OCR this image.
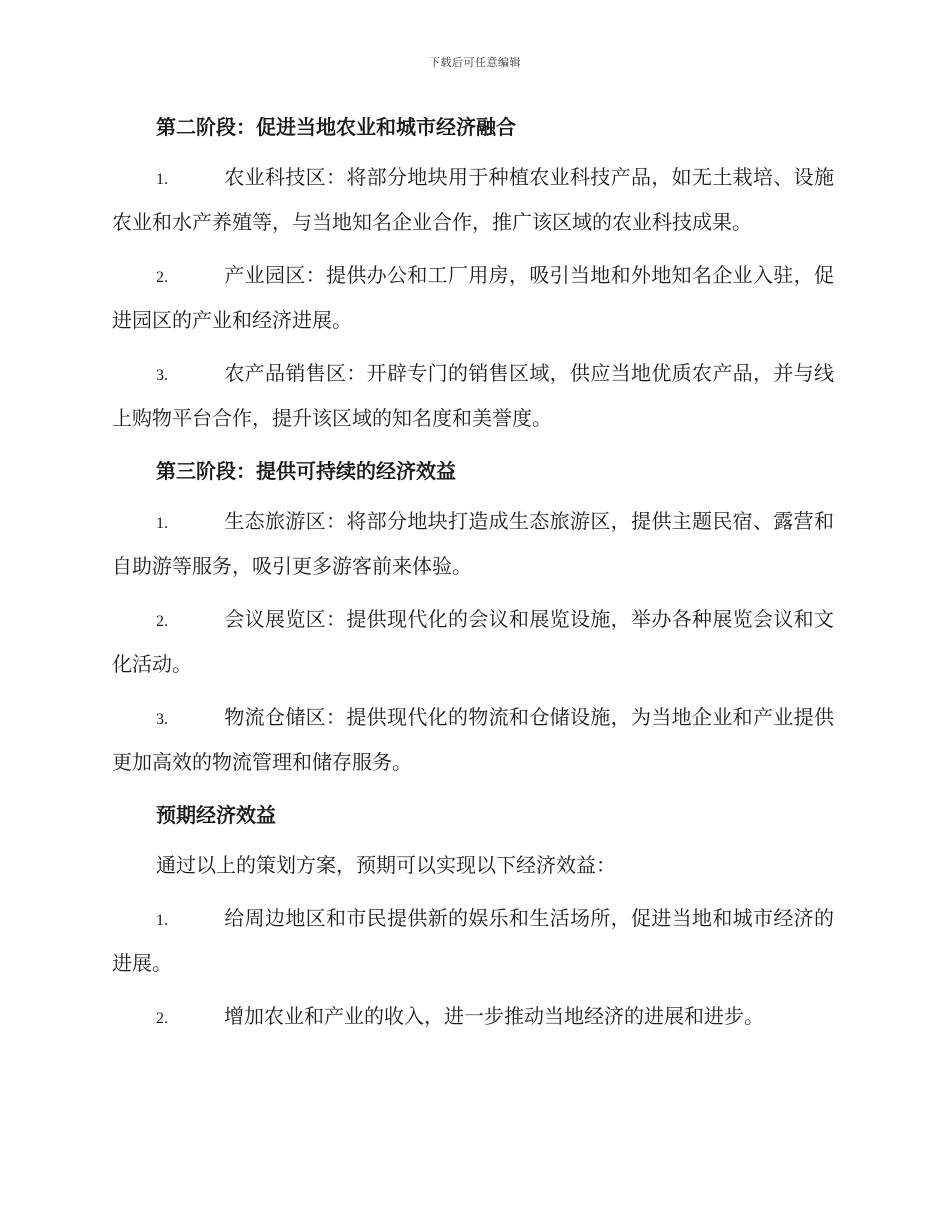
下载后可任意编辑
第二阶段：促进当地农业和城市经济融合
1.	农业科技区：将部分地块用于种植农业科技产品，如无土栽培、设施农业和水产养殖等，与当地知名企业合作，推广该区域的农业科技成果。
2.	产业园区：提供办公和工厂用房，吸引当地和外地知名企业入驻，促进园区的产业和经济进展。
3.	农产品销售区：开辟专门的销售区域，供应当地优质农产品，并与线上购物平台合作，提升该区域的知名度和美誉度。
第三阶段：提供可持续的经济效益
1.	生态旅游区：将部分地块打造成生态旅游区，提供主题民宿、露营和自助游等服务，吸引更多游客前来体验。
2.	会议展览区：提供现代化的会议和展览设施，举办各种展览会议和文化活动。
3.	物流仓储区：提供现代化的物流和仓储设施，为当地企业和产业提供更加高效的物流管理和储存服务。
预期经济效益
通过以上的策划方案，预期可以实现以下经济效益：
1.	给周边地区和市民提供新的娱乐和生活场所，促进当地和城市经济的进展。
2.	增加农业和产业的收入，进一步推动当地经济的进展和进步。
